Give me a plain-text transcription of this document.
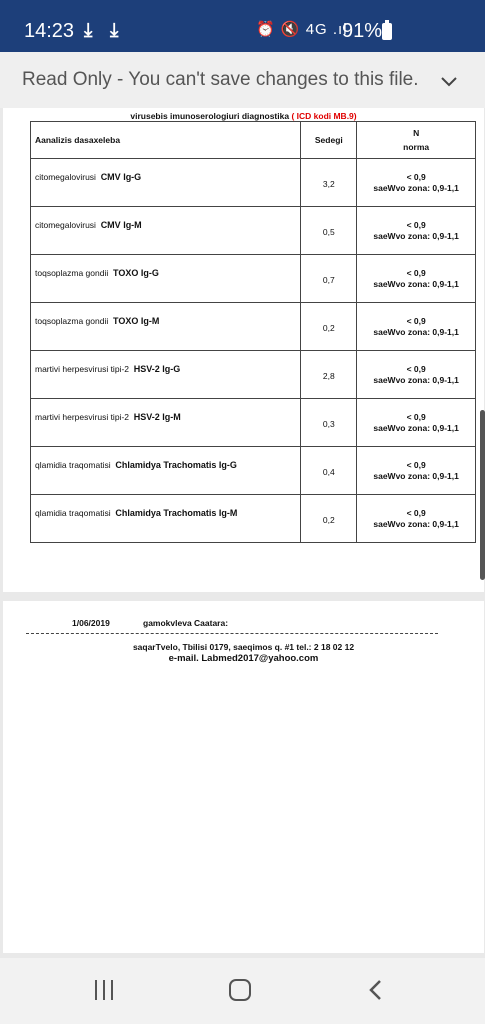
14:23 ⤓ ⤓	⏰ 🔇 4G .ıl
91%
Read Only - You can't save changes to this file.
virusebis imunoserologiuri diagnostika ( ICD kodi MB.9)
Aanalizis dasaxeleba	Sedegi	N
norma

citomegalovirusi CMV Ig-G	3,2	< 0,9
saeWvo zona: 0,9-1,1

citomegalovirusi CMV Ig-M	0,5	< 0,9
saeWvo zona: 0,9-1,1

toqsoplazma gondii TOXO Ig-G	0,7	< 0,9
saeWvo zona: 0,9-1,1

toqsoplazma gondii TOXO Ig-M	0,2	< 0,9
saeWvo zona: 0,9-1,1

martivi herpesvirusi tipi-2 HSV-2 Ig-G	2,8	< 0,9
saeWvo zona: 0,9-1,1

martivi herpesvirusi tipi-2 HSV-2 Ig-M	0,3	< 0,9
saeWvo zona: 0,9-1,1

qlamidia traqomatisi Chlamidya Trachomatis Ig-G	0,4	< 0,9
saeWvo zona: 0,9-1,1

qlamidia traqomatisi Chlamidya Trachomatis Ig-M	0,2	< 0,9
saeWvo zona: 0,9-1,1
1/06/2019	gamokvleva Caatara:
saqarTvelo, Tbilisi 0179, saeqimos q. #1 tel.: 2 18 02 12
e-mail. Labmed2017@yahoo.com
